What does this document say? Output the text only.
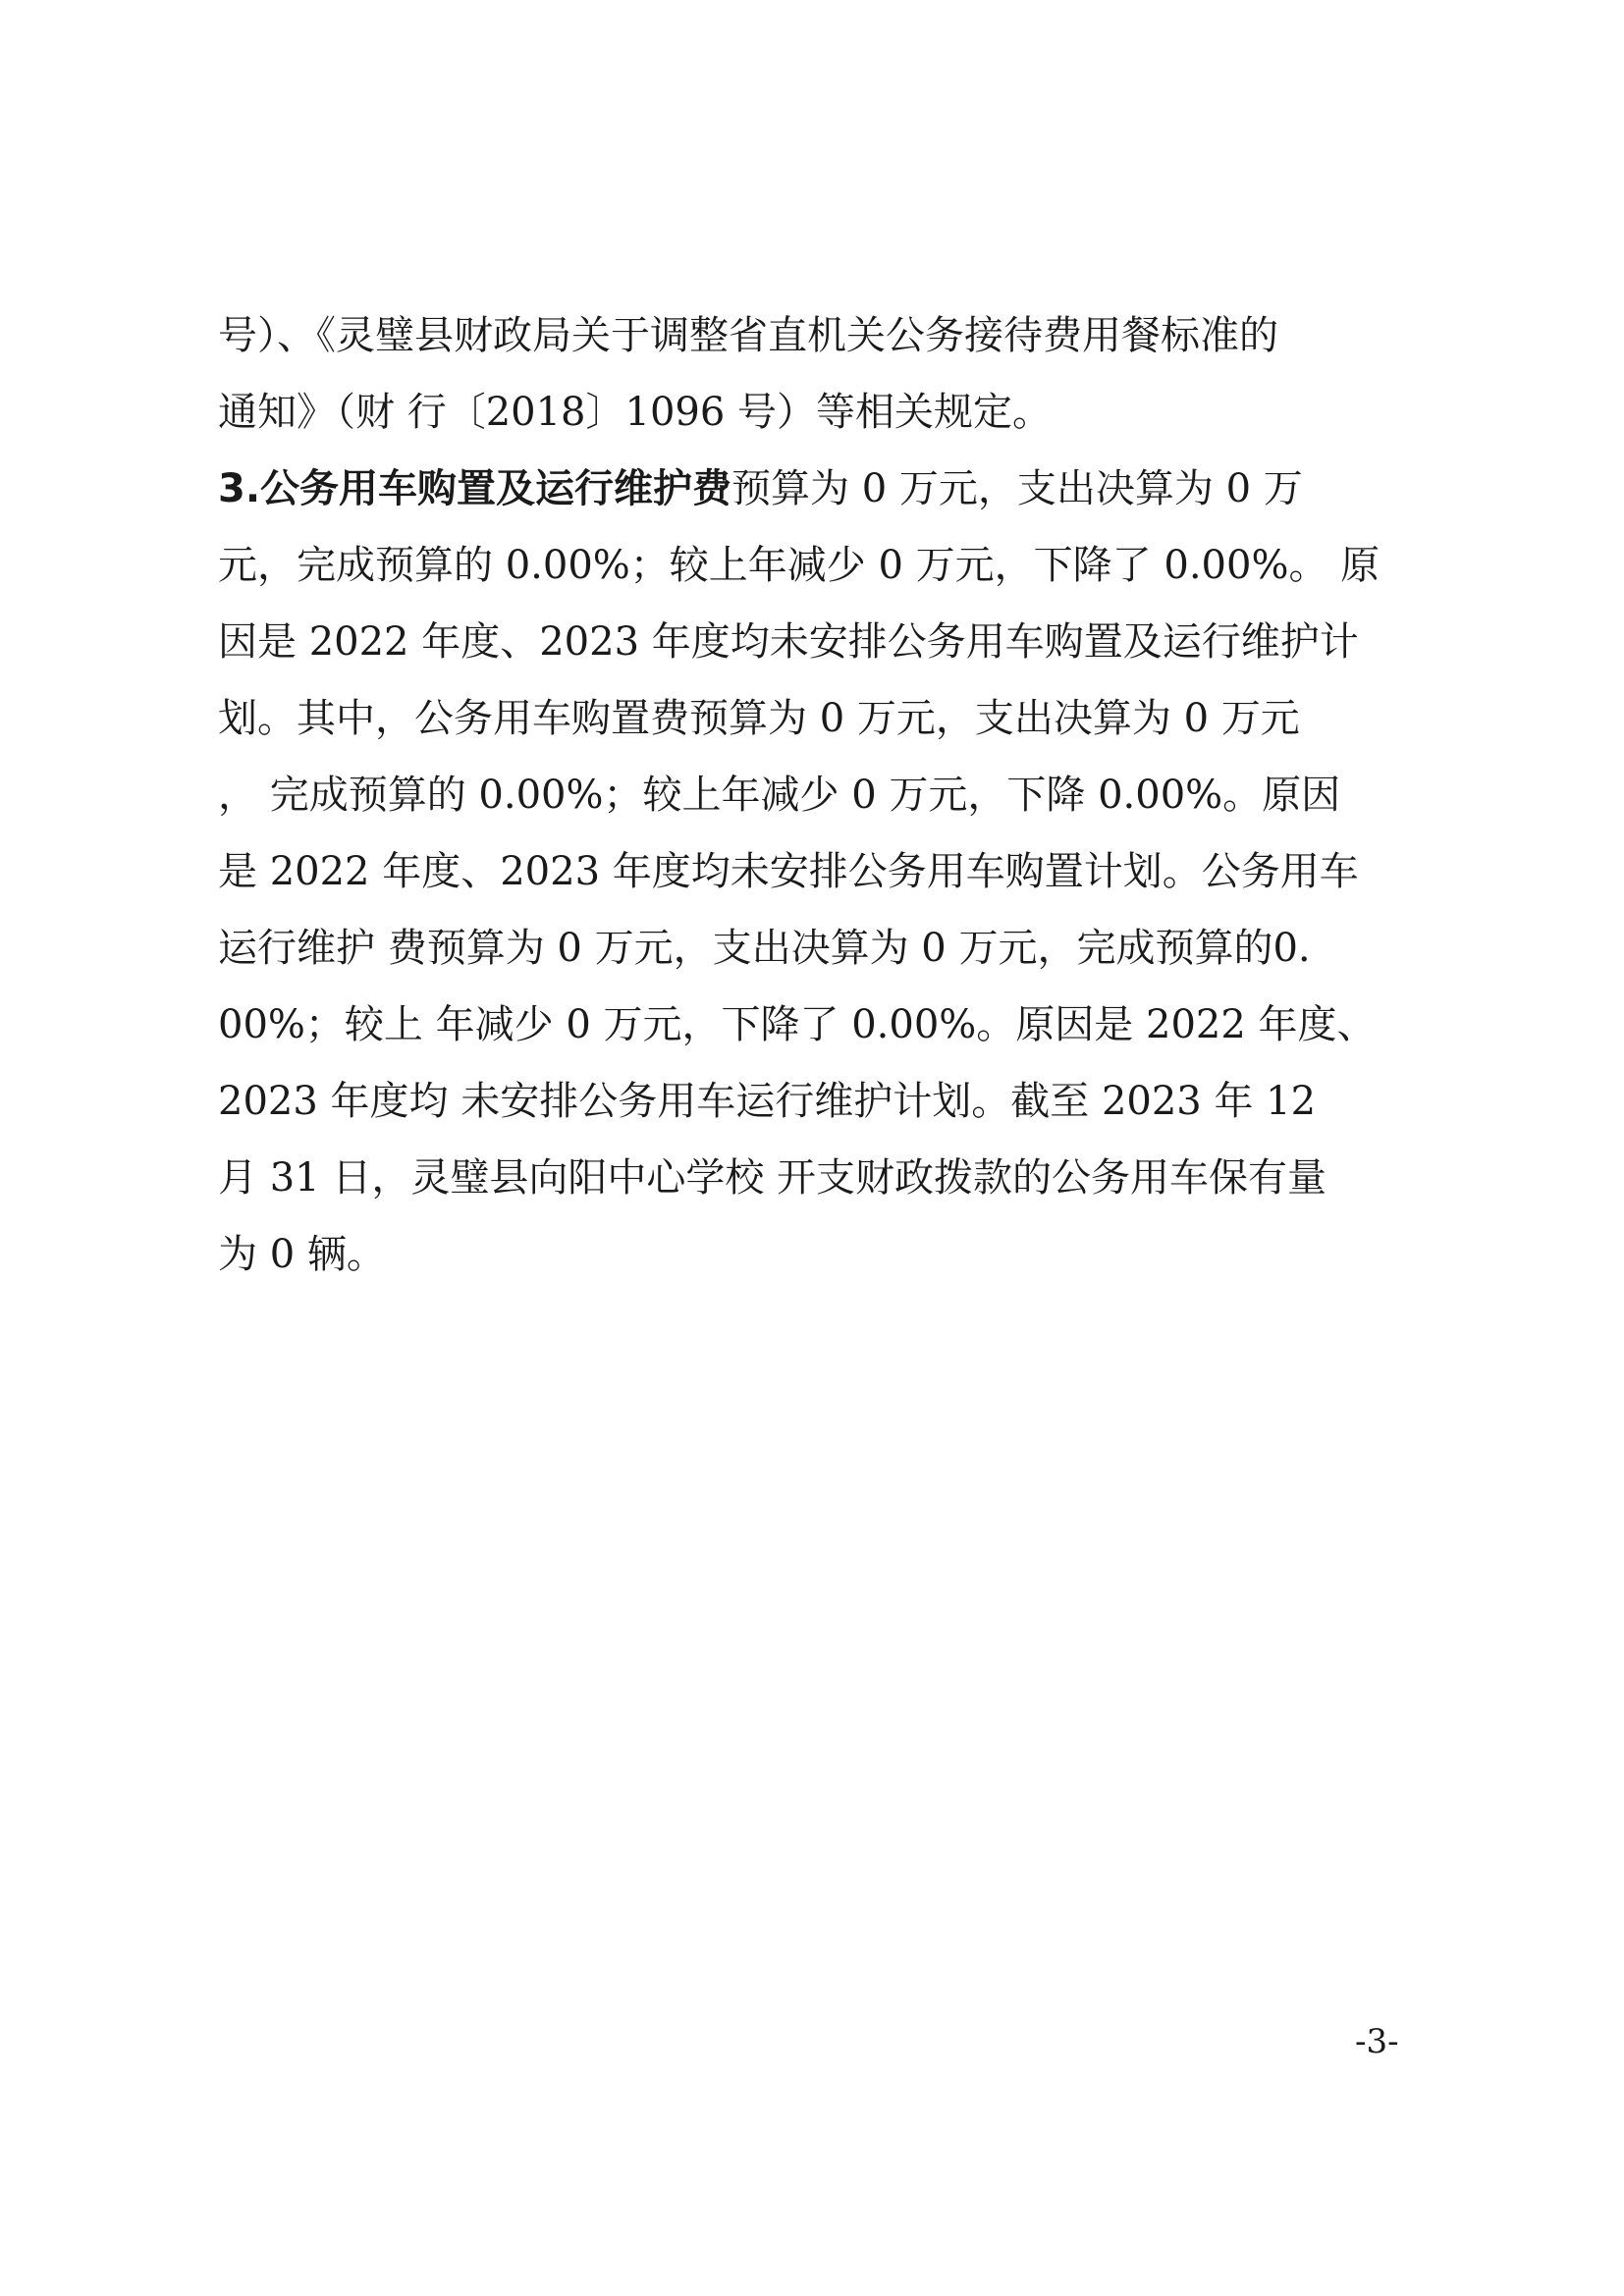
号）、《灵璧县财政局关于调整省直机关公务接待费用餐标准的
通知》（财 行〔2018〕1096 号）等相关规定。
3.公务用车购置及运行维护费预算为 0 万元，支出决算为 0 万
元，完成预算的 0.00%；较上年减少 0 万元，下降了 0.00%。 原
因是 2022 年度、2023 年度均未安排公务用车购置及运行维护计
划。其中，公务用车购置费预算为 0 万元，支出决算为 0 万元
， 完成预算的 0.00%；较上年减少 0 万元，下降 0.00%。原因
是 2022 年度、2023 年度均未安排公务用车购置计划。公务用车
运行维护 费预算为 0 万元，支出决算为 0 万元，完成预算的0.
00%；较上 年减少 0 万元，下降了 0.00%。原因是 2022 年度、
2023 年度均 未安排公务用车运行维护计划。截至 2023 年 12
月 31 日，灵璧县向阳中心学校 开支财政拨款的公务用车保有量
为 0 辆。
-3-
